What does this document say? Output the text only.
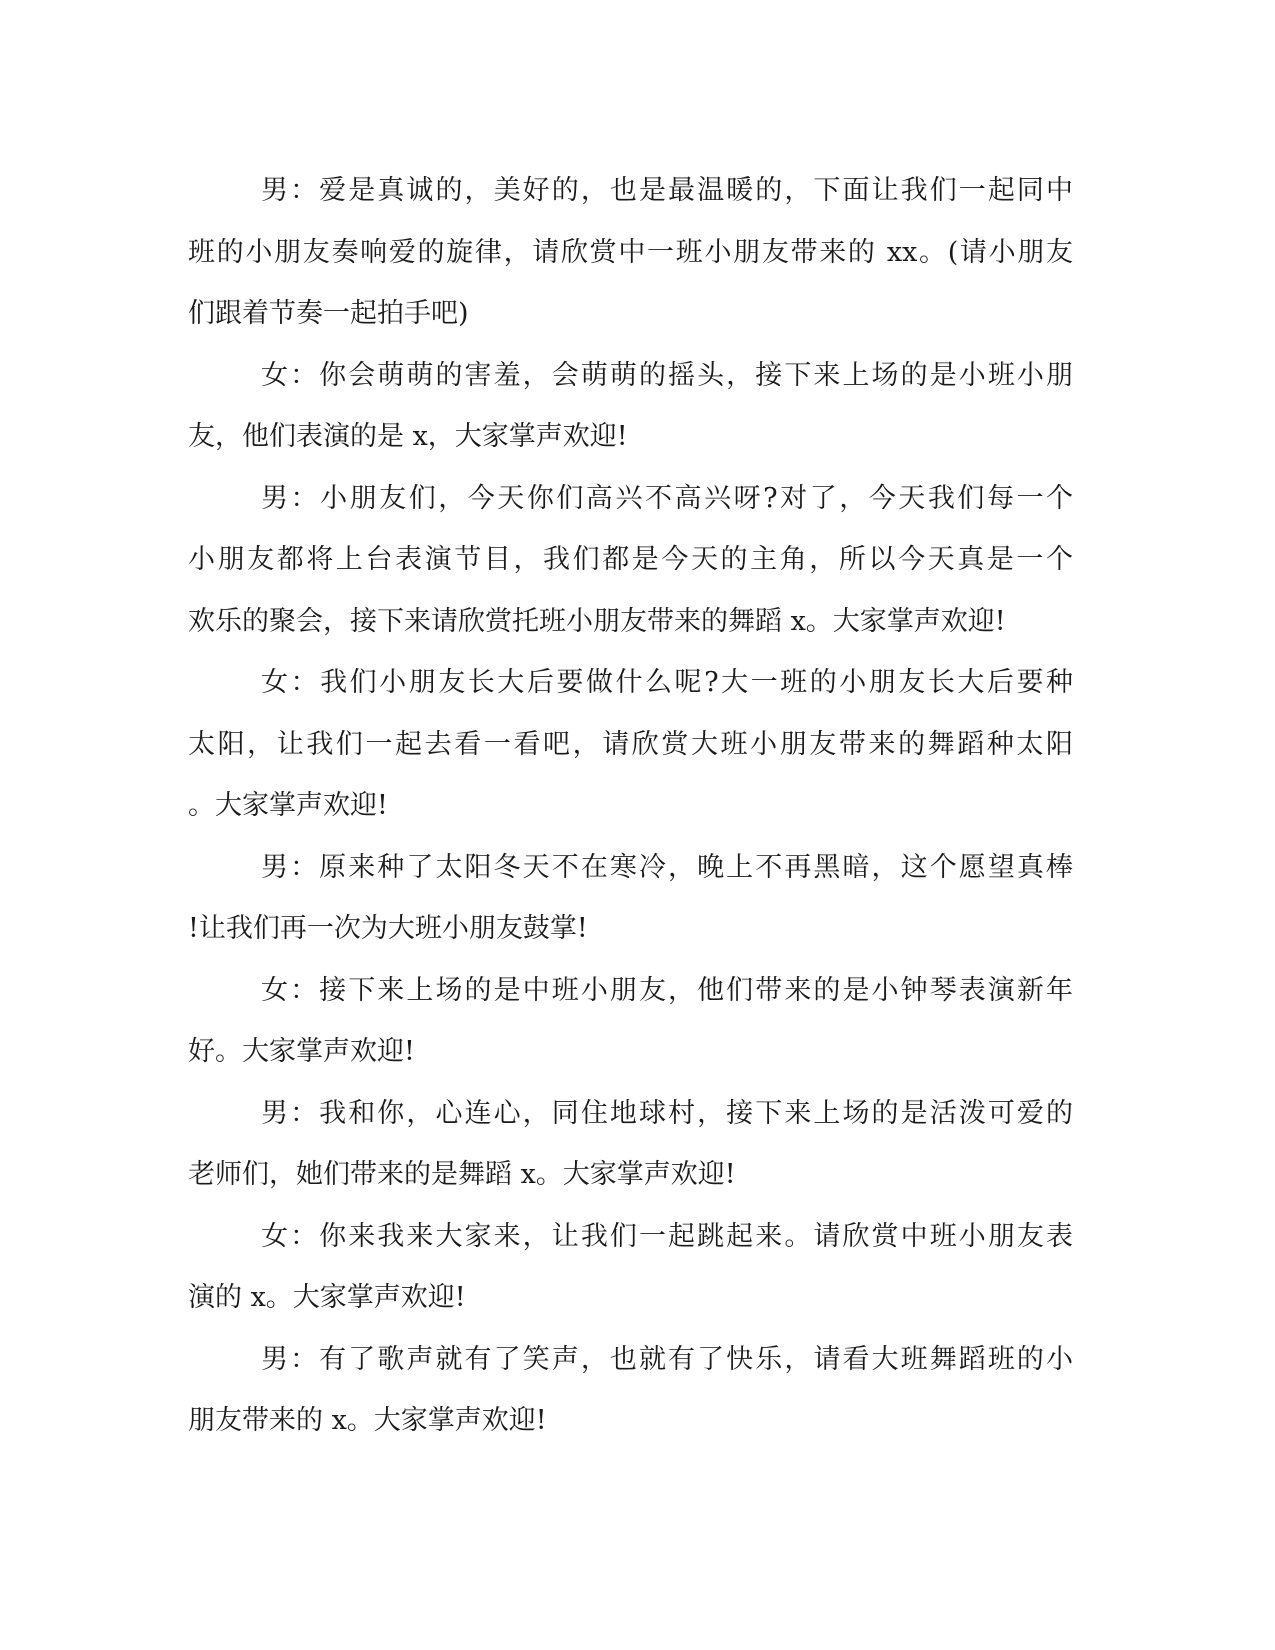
男：爱是真诚的，美好的，也是最温暖的，下面让我们一起同中
班的小朋友奏响爱的旋律，请欣赏中一班小朋友带来的 xx。(请小朋友
们跟着节奏一起拍手吧)
女：你会萌萌的害羞，会萌萌的摇头，接下来上场的是小班小朋
友，他们表演的是 x，大家掌声欢迎!
男：小朋友们，今天你们高兴不高兴呀?对了，今天我们每一个
小朋友都将上台表演节目，我们都是今天的主角，所以今天真是一个
欢乐的聚会，接下来请欣赏托班小朋友带来的舞蹈 x。大家掌声欢迎!
女：我们小朋友长大后要做什么呢?大一班的小朋友长大后要种
太阳，让我们一起去看一看吧，请欣赏大班小朋友带来的舞蹈种太阳
。大家掌声欢迎!
男：原来种了太阳冬天不在寒冷，晚上不再黑暗，这个愿望真棒
!让我们再一次为大班小朋友鼓掌!
女：接下来上场的是中班小朋友，他们带来的是小钟琴表演新年
好。大家掌声欢迎!
男：我和你，心连心，同住地球村，接下来上场的是活泼可爱的
老师们，她们带来的是舞蹈 x。大家掌声欢迎!
女：你来我来大家来，让我们一起跳起来。请欣赏中班小朋友表
演的 x。大家掌声欢迎!
男：有了歌声就有了笑声，也就有了快乐，请看大班舞蹈班的小
朋友带来的 x。大家掌声欢迎!
